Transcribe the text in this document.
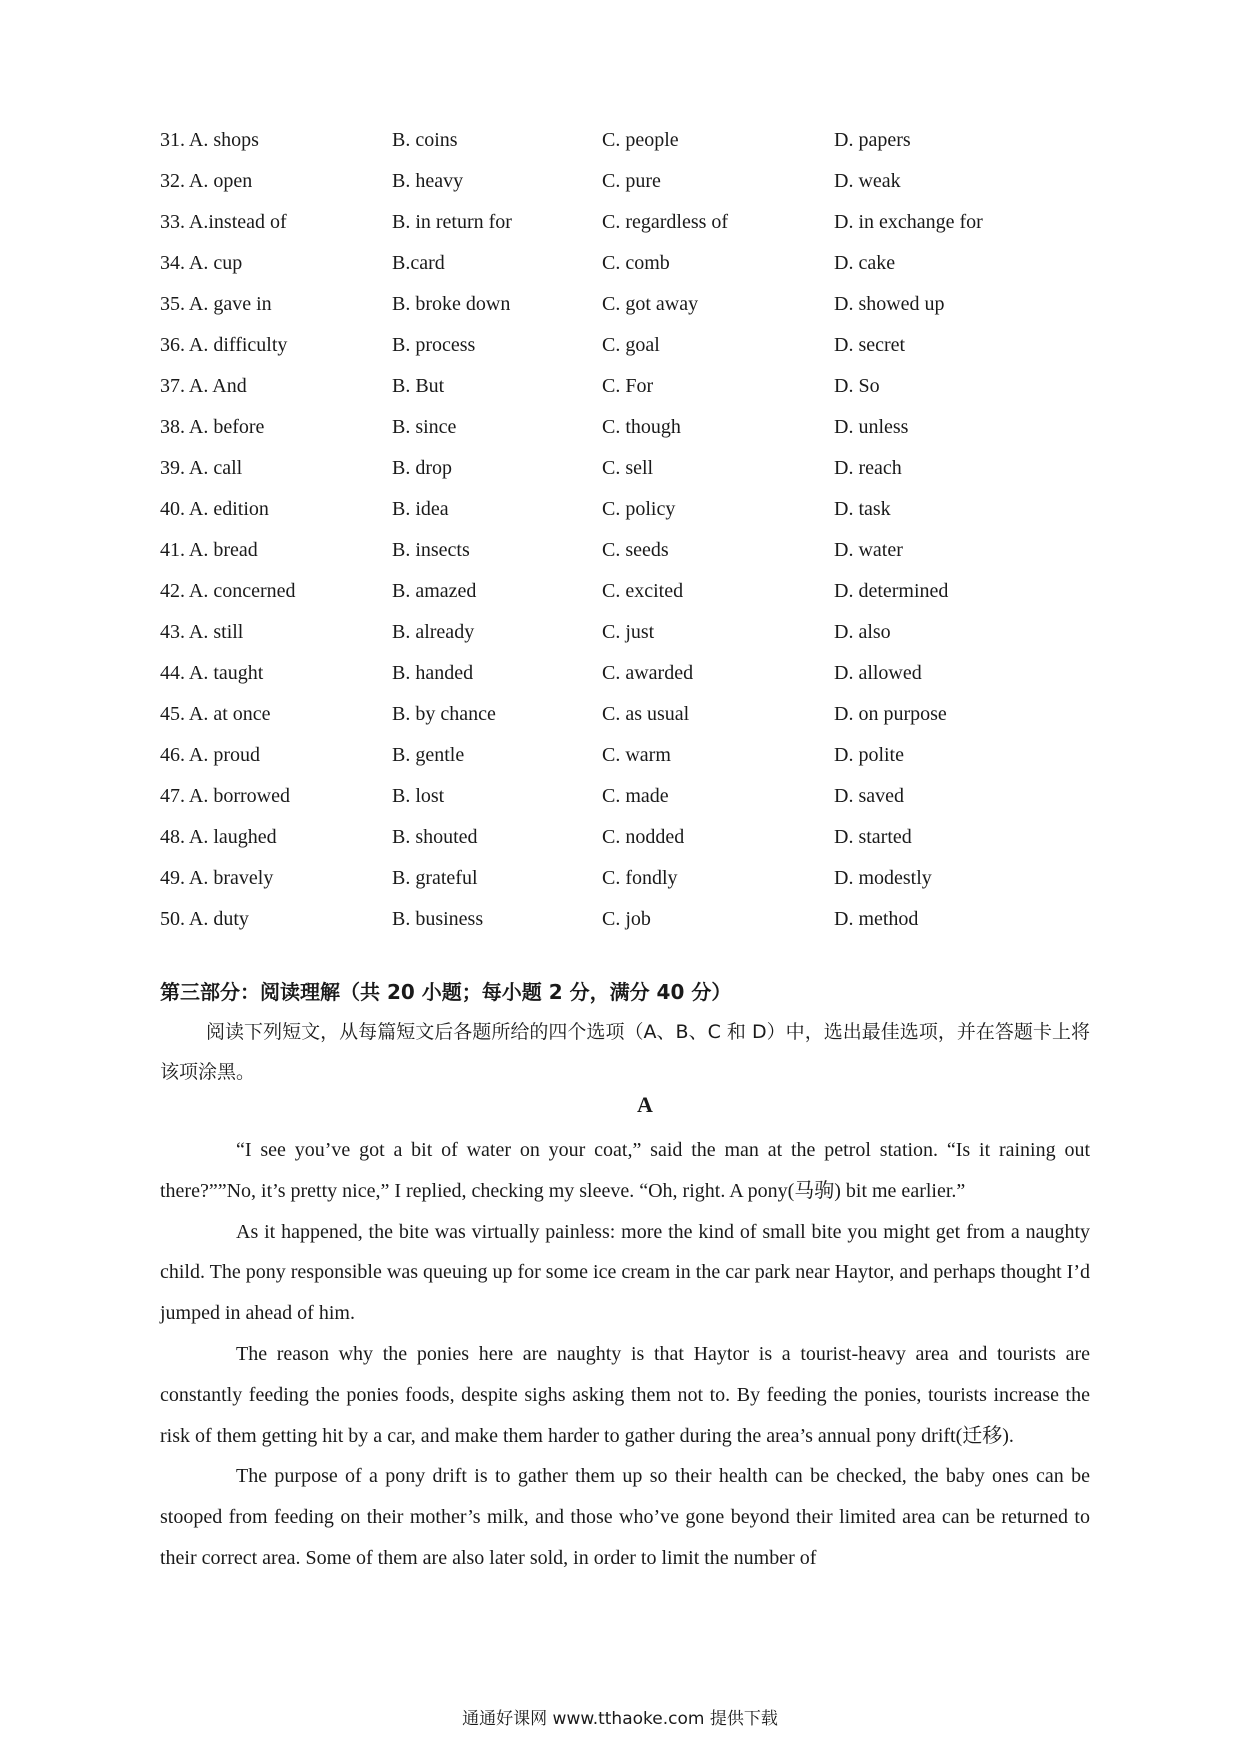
31. A. shops	B. coins	C. people	D. papers
32. A. open	B. heavy	C. pure	D. weak
33. A.instead of	B. in return for	C. regardless of	D. in exchange for
34. A. cup	B.card	C. comb	D. cake
35. A. gave in	B. broke down	C. got away	D. showed up
36. A. difficulty	B. process	C. goal	D. secret
37. A. And	B. But	C. For	D. So
38. A. before	B. since	C. though	D. unless
39. A. call	B. drop	C. sell	D. reach
40. A. edition	B. idea	C. policy	D. task
41. A. bread	B. insects	C. seeds	D. water
42. A. concerned	B. amazed	C. excited	D. determined
43. A. still	B. already	C. just	D. also
44. A. taught	B. handed	C. awarded	D. allowed
45. A. at once	B. by chance	C. as usual	D. on purpose
46. A. proud	B. gentle	C. warm	D. polite
47. A. borrowed	B. lost	C. made	D. saved
48. A. laughed	B. shouted	C. nodded	D. started
49. A. bravely	B. grateful	C. fondly	D. modestly
50. A. duty	B. business	C. job	D. method
第三部分：阅读理解（共 20 小题；每小题 2 分，满分 40 分）

阅读下列短文，从每篇短文后各题所给的四个选项（A、B、C 和 D）中，选出最佳选项，并在答题卡上将该项涂黑。

A

“I see you’ve got a bit of water on your coat,” said the man at the petrol station. “Is it raining out there?””No, it’s pretty nice,” I replied, checking my sleeve. “Oh, right. A pony(马驹) bit me earlier.”

As it happened, the bite was virtually painless: more the kind of small bite you might get from a naughty child. The pony responsible was queuing up for some ice cream in the car park near Haytor, and perhaps thought I’d jumped in ahead of him.

The reason why the ponies here are naughty is that Haytor is a tourist-heavy area and tourists are constantly feeding the ponies foods, despite sighs asking them not to. By feeding the ponies, tourists increase the risk of them getting hit by a car, and make them harder to gather during the area’s annual pony drift(迁移).

The purpose of a pony drift is to gather them up so their health can be checked, the baby ones can be stooped from feeding on their mother’s milk, and those who’ve gone beyond their limited area can be returned to their correct area. Some of them are also later sold, in order to limit the number of

通通好课网 www.tthaoke.com 提供下载
